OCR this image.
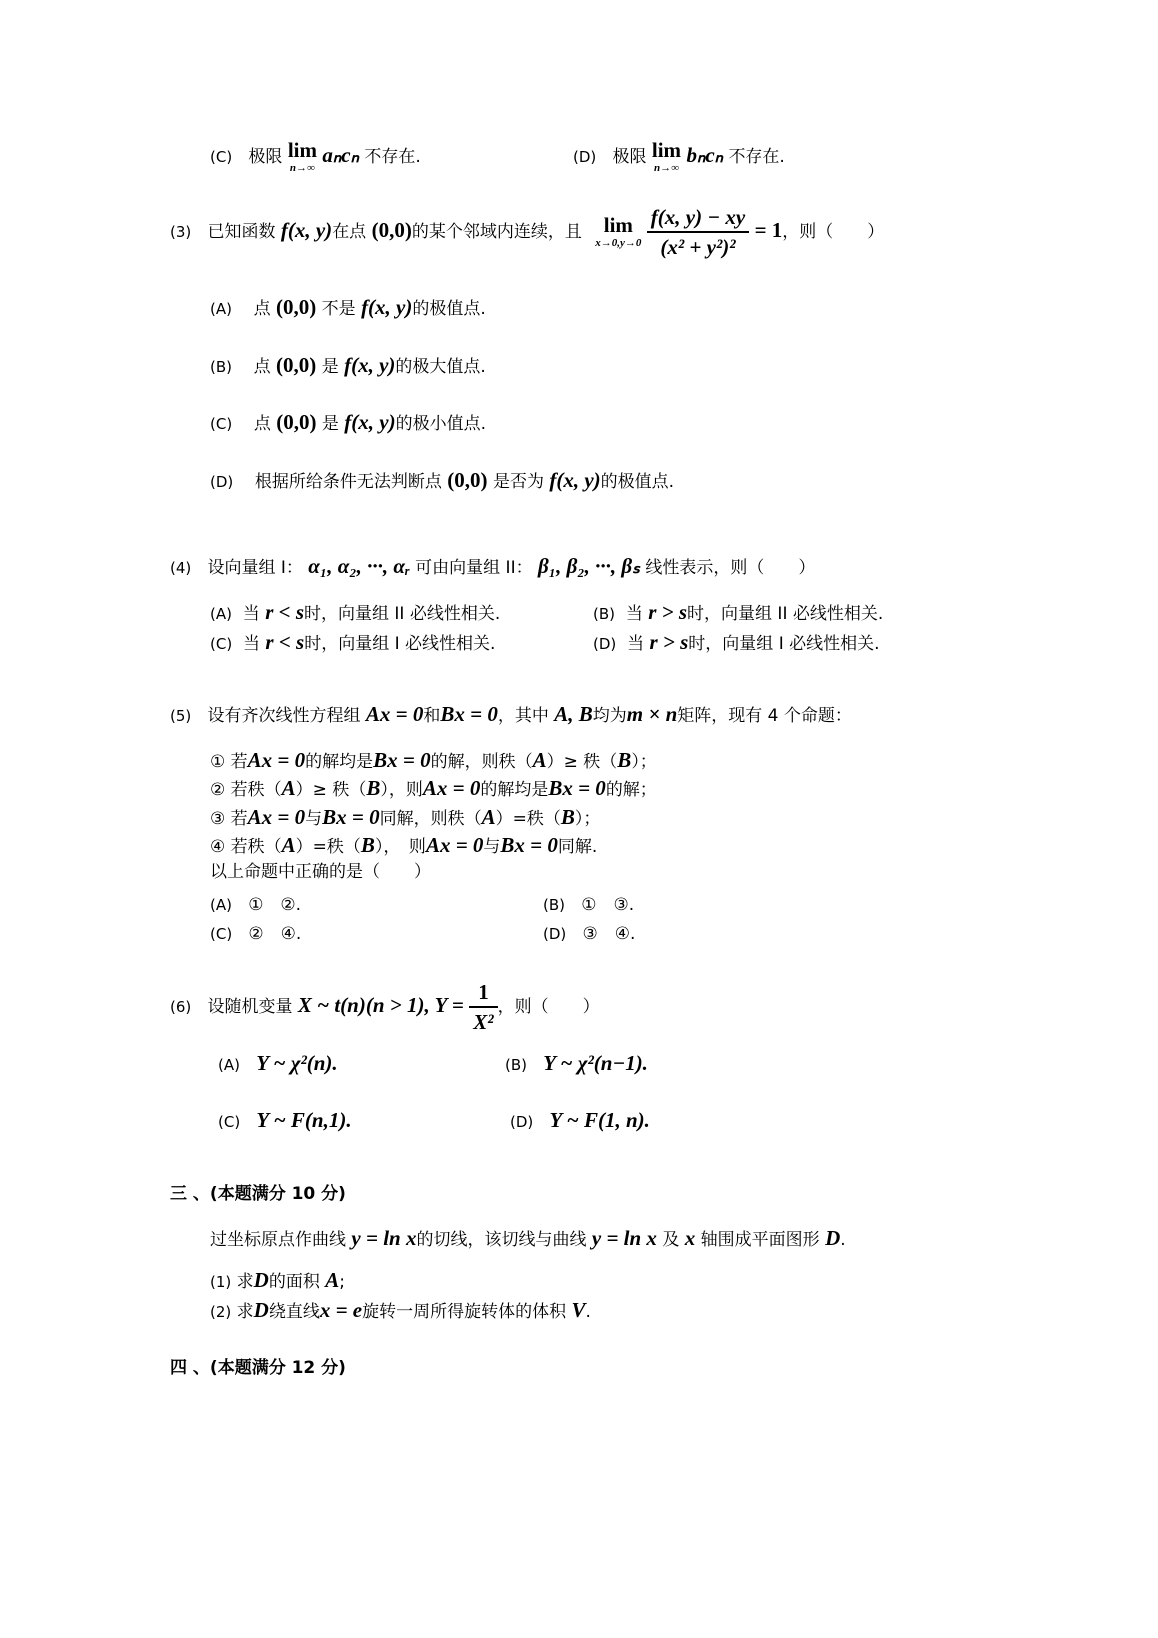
(C) 极限 lim
n→∞
aₙcₙ 不存在.	(D) 极限 lim
n→∞
bₙcₙ 不存在.
(3) 已知函数 f(x, y)在点 (0,0)的某个邻域内连续，且	lim
x→0,y→0
$\frac{f(x, y) - xy}{\text{(x² + y²)²}} = 1$，则（　　）
(A) 点 (0,0) 不是 f(x, y)的极值点.
(B) 点 (0,0) 是 f(x, y)的极大值点.
(C) 点 (0,0) 是 f(x, y)的极小值点.
(D) 根据所给条件无法判断点 (0,0) 是否为 f(x, y)的极值点.
(4) 设向量组 I： α₁, α₂, ···, αᵣ 可由向量组 II： β₁, β₂, ···, βₛ 线性表示，则（　　）
(A) 当 r < s时，向量组 II 必线性相关.	(B) 当 r > s时，向量组 II 必线性相关.
(C) 当 r < s时，向量组 I 必线性相关.	(D) 当 r > s时，向量组 I 必线性相关.
(5) 设有齐次线性方程组 Ax = 0和Bx = 0，其中 A, B均为m × n矩阵，现有 4 个命题：
① 若Ax = 0的解均是Bx = 0的解，则秩（A）≥ 秩（B）；
② 若秩（A）≥ 秩（B），则Ax = 0的解均是Bx = 0的解；
③ 若Ax = 0与Bx = 0同解，则秩（A）=秩（B）；
④ 若秩（A）=秩（B），　则Ax = 0与Bx = 0同解.
以上命题中正确的是（　　）
(A) ①　②.	(B) ①　③.
(C) ②　④.	(D) ③　④.
(6) 设随机变量 X ~ t(n)(n > 1), $Y = \frac{1}{\text{X²}}$ ，则（　　）
(A) Y ~ χ²(n).	(B) Y ~ χ²(n−1).
(C) Y ~ F(n,1).	(D) Y ~ F(1, n).
三 、(本题满分 10 分)
过坐标原点作曲线 y = ln x的切线，该切线与曲线 y = ln x 及 x 轴围成平面图形 D.
(1) 求D的面积 A;
(2) 求D绕直线x = e旋转一周所得旋转体的体积 V.
四 、(本题满分 12 分)
